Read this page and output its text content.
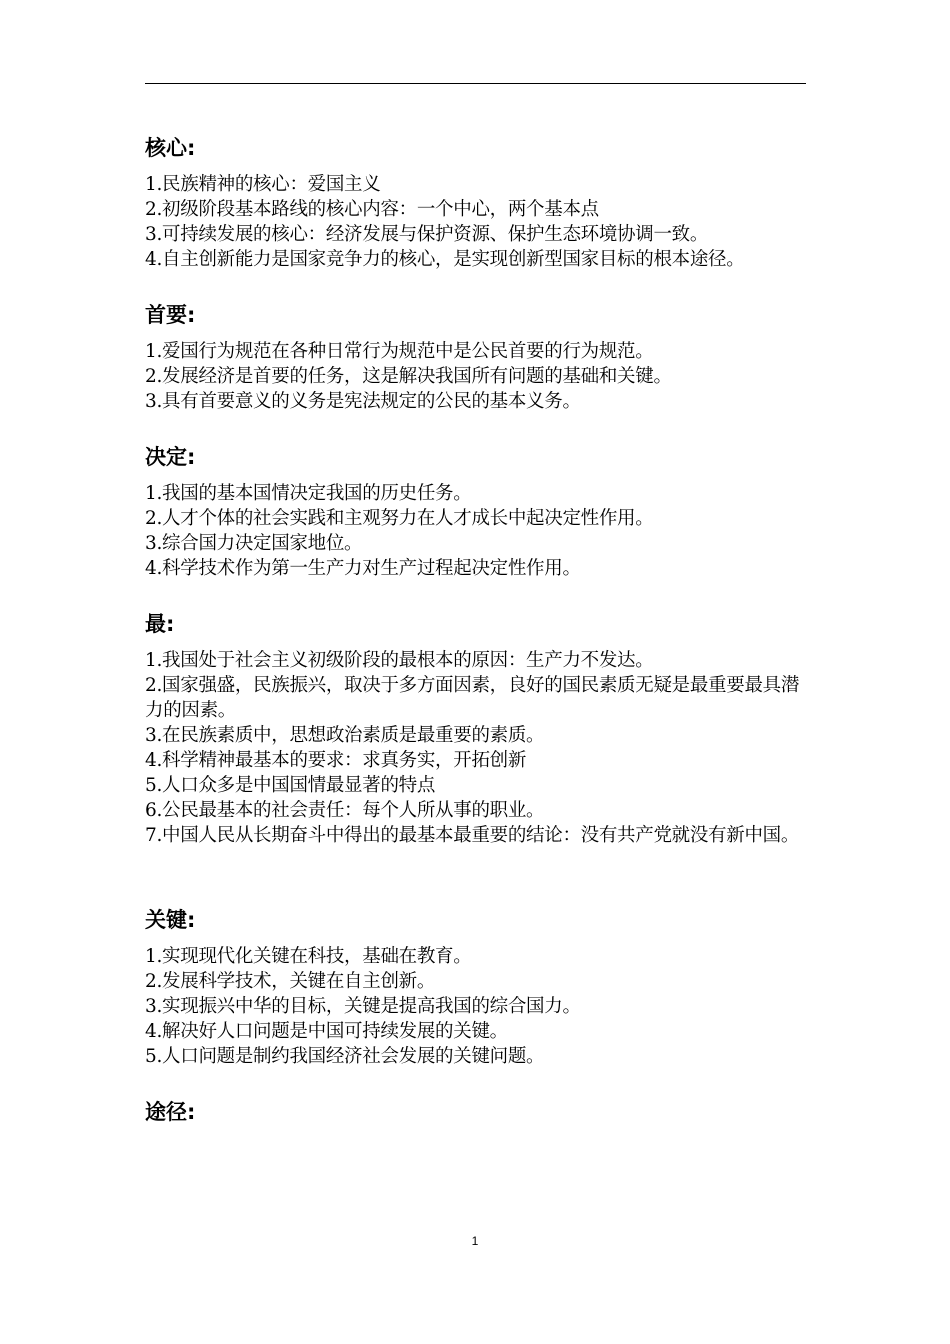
核心:

1.民族精神的核心：爱国主义

2.初级阶段基本路线的核心内容：一个中心，两个基本点

3.可持续发展的核心：经济发展与保护资源、保护生态环境协调一致。

4.自主创新能力是国家竞争力的核心，是实现创新型国家目标的根本途径。

首要:

1.爱国行为规范在各种日常行为规范中是公民首要的行为规范。

2.发展经济是首要的任务，这是解决我国所有问题的基础和关键。

3.具有首要意义的义务是宪法规定的公民的基本义务。

决定:

1.我国的基本国情决定我国的历史任务。

2.人才个体的社会实践和主观努力在人才成长中起决定性作用。

3.综合国力决定国家地位。

4.科学技术作为第一生产力对生产过程起决定性作用。

最:

1.我国处于社会主义初级阶段的最根本的原因：生产力不发达。

2.国家强盛，民族振兴，取决于多方面因素，良好的国民素质无疑是最重要最具潜力的因素。

3.在民族素质中，思想政治素质是最重要的素质。

4.科学精神最基本的要求：求真务实，开拓创新

5.人口众多是中国国情最显著的特点

6.公民最基本的社会责任：每个人所从事的职业。

7.中国人民从长期奋斗中得出的最基本最重要的结论：没有共产党就没有新中国。

关键:

1.实现现代化关键在科技，基础在教育。

2.发展科学技术，关键在自主创新。

3.实现振兴中华的目标，关键是提高我国的综合国力。

4.解决好人口问题是中国可持续发展的关键。

5.人口问题是制约我国经济社会发展的关键问题。

途径:
1
